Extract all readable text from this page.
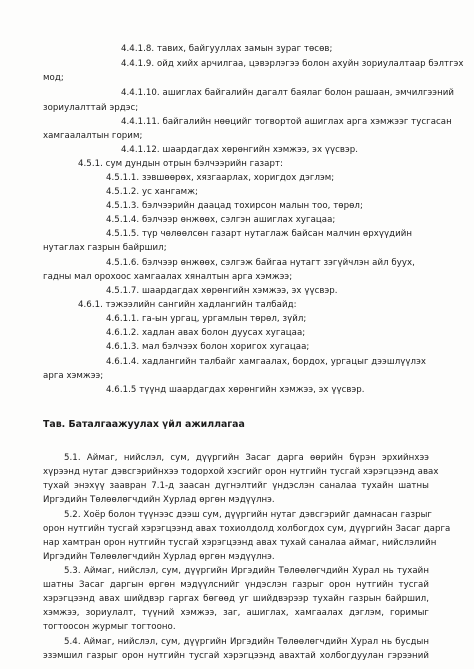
4.4.1.8. тавих, байгууллах замын зураг төсөв;
4.4.1.9. ойд хийх арчилгаа, цэвэрлэгээ болон ахуйн зориулалтаар бэлтгэх
мод;
4.4.1.10. ашиглах байгалийн дагалт баялаг болон рашаан, эмчилгээний
зориулалттай эрдэс;
4.4.1.11. байгалийн нөөцийг тогвортой ашиглах арга хэмжээг тусгасан
хамгаалалтын горим;
4.4.1.12. шаардагдах хөрөнгийн хэмжээ, эх үүсвэр.
4.5.1. сум дундын отрын бэлчээрийн газарт:
4.5.1.1. зэвшөөрөх, хязгаарлах, хоригдох дэглэм;
4.5.1.2. ус хангамж;
4.5.1.3. бэлчээрийн даацад тохирсон малын тоо, төрөл;
4.5.1.4. бэлчээр өнжөөх, сэлгэн ашиглах хугацаа;
4.5.1.5. түр чөлөөлсөн газарт нутаглаж байсан малчин өрхүүдийн
нутаглах газрын байршил;
4.5.1.6. бэлчээр өнжөөх, сэлгэж байгаа нутагт зэгүйчлэн айл буух,
гадны мал орохоос хамгаалах хяналтын арга хэмжээ;
4.5.1.7. шаардагдах хөрөнгийн хэмжээ, эх үүсвэр.
4.6.1. тэжээлийн сангийн хадлангийн талбайд:
4.6.1.1. га-ын ургац, ургамлын төрөл, зүйл;
4.6.1.2. хадлан авах болон дуусах хугацаа;
4.6.1.3. мал бэлчээх болон хоригох хугацаа;
4.6.1.4. хадлангийн талбайг хамгаалах, бордох, ургацыг дээшлүүлэх
арга хэмжээ;
4.6.1.5 түүнд шаардагдах хөрөнгийн хэмжээ, эх үүсвэр.
Тав. Баталгаажуулах үйл ажиллагаа
5.1. Аймаг, нийслэл, сум, дүүргийн Засаг дарга өөрийн бүрэн эрхийнхээ
хүрээнд нутаг дэвсгэрийнхээ тодорхой хэсгийг орон нутгийн тусгай хэрэгцээнд авах
тухай энэхүү заавран 7.1-д заасан дүгнэлтийг үндэслэн саналаа тухайн шатны
Иргэдийн Төлөөлөгчдийн Хурлад өргөн мэдүүлнэ.
5.2. Хоёр болон түүнээс дээш сум, дүүргийн нутаг дэвсгэрийг дамнасан газрыг
орон нутгийн тусгай хэрэгцээнд авах тохиолдолд холбогдох сум, дүүргийн Засаг дарга
нар хамтран орон нутгийн тусгай хэрэгцээнд авах тухай саналаа аймаг, нийслэлийн
Иргэдийн Төлөөлөгчдийн Хурлад өргөн мэдүүлнэ.
5.3. Аймаг, нийслэл, сум, дүүргийн Иргэдийн Төлөөлөгчдийн Хурал нь тухайн
шатны Засаг даргын өргөн мэдүүлснийг үндэслэн газрыг орон нутгийн тусгай
хэрэгцээнд авах шийдвэр гаргах бөгөөд уг шийдвэрээр тухайн газрын байршил,
хэмжээ, зориулалт, түүний хэмжээ, заг, ашиглах, хамгаалах дэглэм, горимыг
тогтоосон журмыг тогтооно.
5.4. Аймаг, нийслэл, сум, дүүргийн Иргэдийн Төлөөлөгчдийн Хурал нь бусдын
эзэмшил газрыг орон нутгийн тусгай хэрэгцээнд авахтай холбогдуулан гэрээний
